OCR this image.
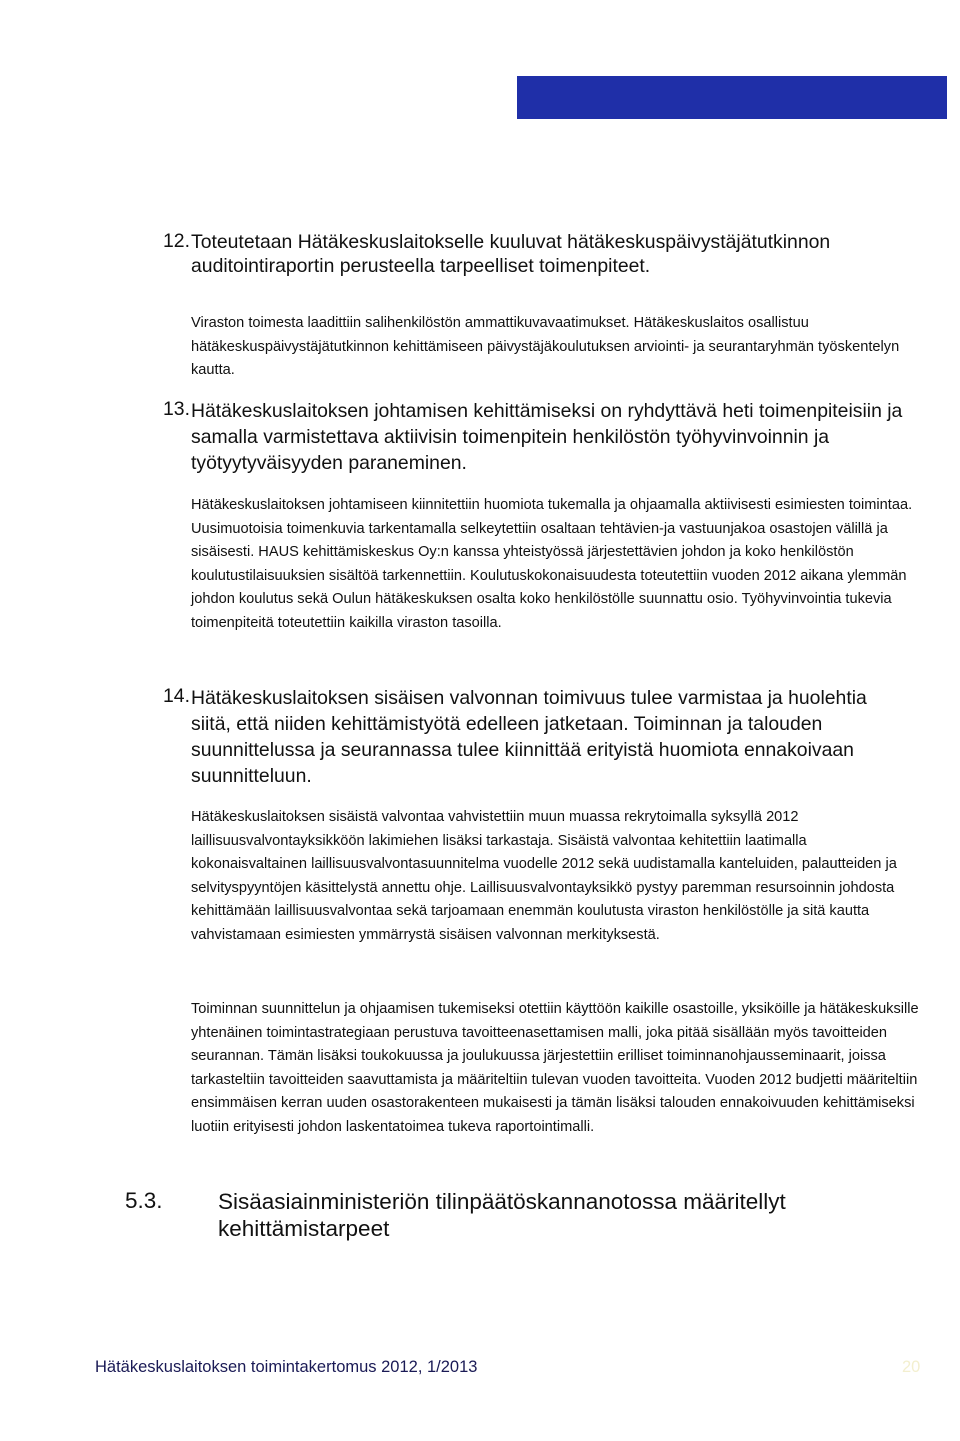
12. Toteutetaan Hätäkeskuslaitokselle kuuluvat hätäkeskuspäivystäjätutkinnon auditointiraportin perusteella tarpeelliset toimenpiteet.

Viraston toimesta laadittiin salihenkilöstön ammattikuvavaatimukset. Hätäkeskuslaitos osallistuu hätäkeskuspäivystäjätutkinnon kehittämiseen päivystäjäkoulutuksen arviointi- ja seurantaryhmän työskentelyn kautta.

13. Hätäkeskuslaitoksen johtamisen kehittämiseksi on ryhdyttävä heti toimenpiteisiin ja samalla varmistettava aktiivisin toimenpitein henkilöstön työhyvinvoinnin ja työtyytyväisyyden paraneminen.

Hätäkeskuslaitoksen johtamiseen kiinnitettiin huomiota tukemalla ja ohjaamalla aktiivisesti esimiesten toimintaa. Uusimuotoisia toimenkuvia tarkentamalla selkeytettiin osaltaan tehtävien-ja vastuunjakoa osastojen välillä ja sisäisesti. HAUS kehittämiskeskus Oy:n kanssa yhteistyössä järjestettävien johdon ja koko henkilöstön koulutustilaisuuksien sisältöä tarkennettiin. Koulutuskokonaisuudesta toteutettiin vuoden 2012 aikana ylemmän johdon koulutus sekä Oulun hätäkeskuksen osalta koko henkilöstölle suunnattu osio. Työhyvinvointia tukevia toimenpiteitä toteutettiin kaikilla viraston tasoilla.

14. Hätäkeskuslaitoksen sisäisen valvonnan toimivuus tulee varmistaa ja huolehtia siitä, että niiden kehittämistyötä edelleen jatketaan. Toiminnan ja talouden suunnittelussa ja seurannassa tulee kiinnittää erityistä huomiota ennakoivaan suunnitteluun.

Hätäkeskuslaitoksen sisäistä valvontaa vahvistettiin muun muassa rekrytoimalla syksyllä 2012 laillisuusvalvontayksikköön lakimiehen lisäksi tarkastaja. Sisäistä valvontaa kehitettiin laatimalla kokonaisvaltainen laillisuusvalvontasuunnitelma vuodelle 2012 sekä uudistamalla kanteluiden, palautteiden ja selvityspyyntöjen käsittelystä annettu ohje. Laillisuusvalvontayksikkö pystyy paremman resursoinnin johdosta kehittämään laillisuusvalvontaa sekä tarjoamaan enemmän koulutusta viraston henkilöstölle ja sitä kautta vahvistamaan esimiesten ymmärrystä sisäisen valvonnan merkityksestä.

Toiminnan suunnittelun ja ohjaamisen tukemiseksi otettiin käyttöön kaikille osastoille, yksiköille ja hätäkeskuksille yhtenäinen toimintastrategiaan perustuva tavoitteenasettamisen malli, joka pitää sisällään myös tavoitteiden seurannan. Tämän lisäksi toukokuussa ja joulukuussa järjestettiin erilliset toiminnanohjausseminaarit, joissa tarkasteltiin tavoitteiden saavuttamista ja määriteltiin tulevan vuoden tavoitteita. Vuoden 2012 budjetti määriteltiin ensimmäisen kerran uuden osastorakenteen mukaisesti ja tämän lisäksi talouden ennakoivuuden kehittämiseksi luotiin erityisesti johdon laskentatoimea tukeva raportointimalli.

5.3. Sisäasiainministeriön tilinpäätöskannanotossa määritellyt kehittämistarpeet
Hätäkeskuslaitoksen toimintakertomus 2012, 1/2013	20
